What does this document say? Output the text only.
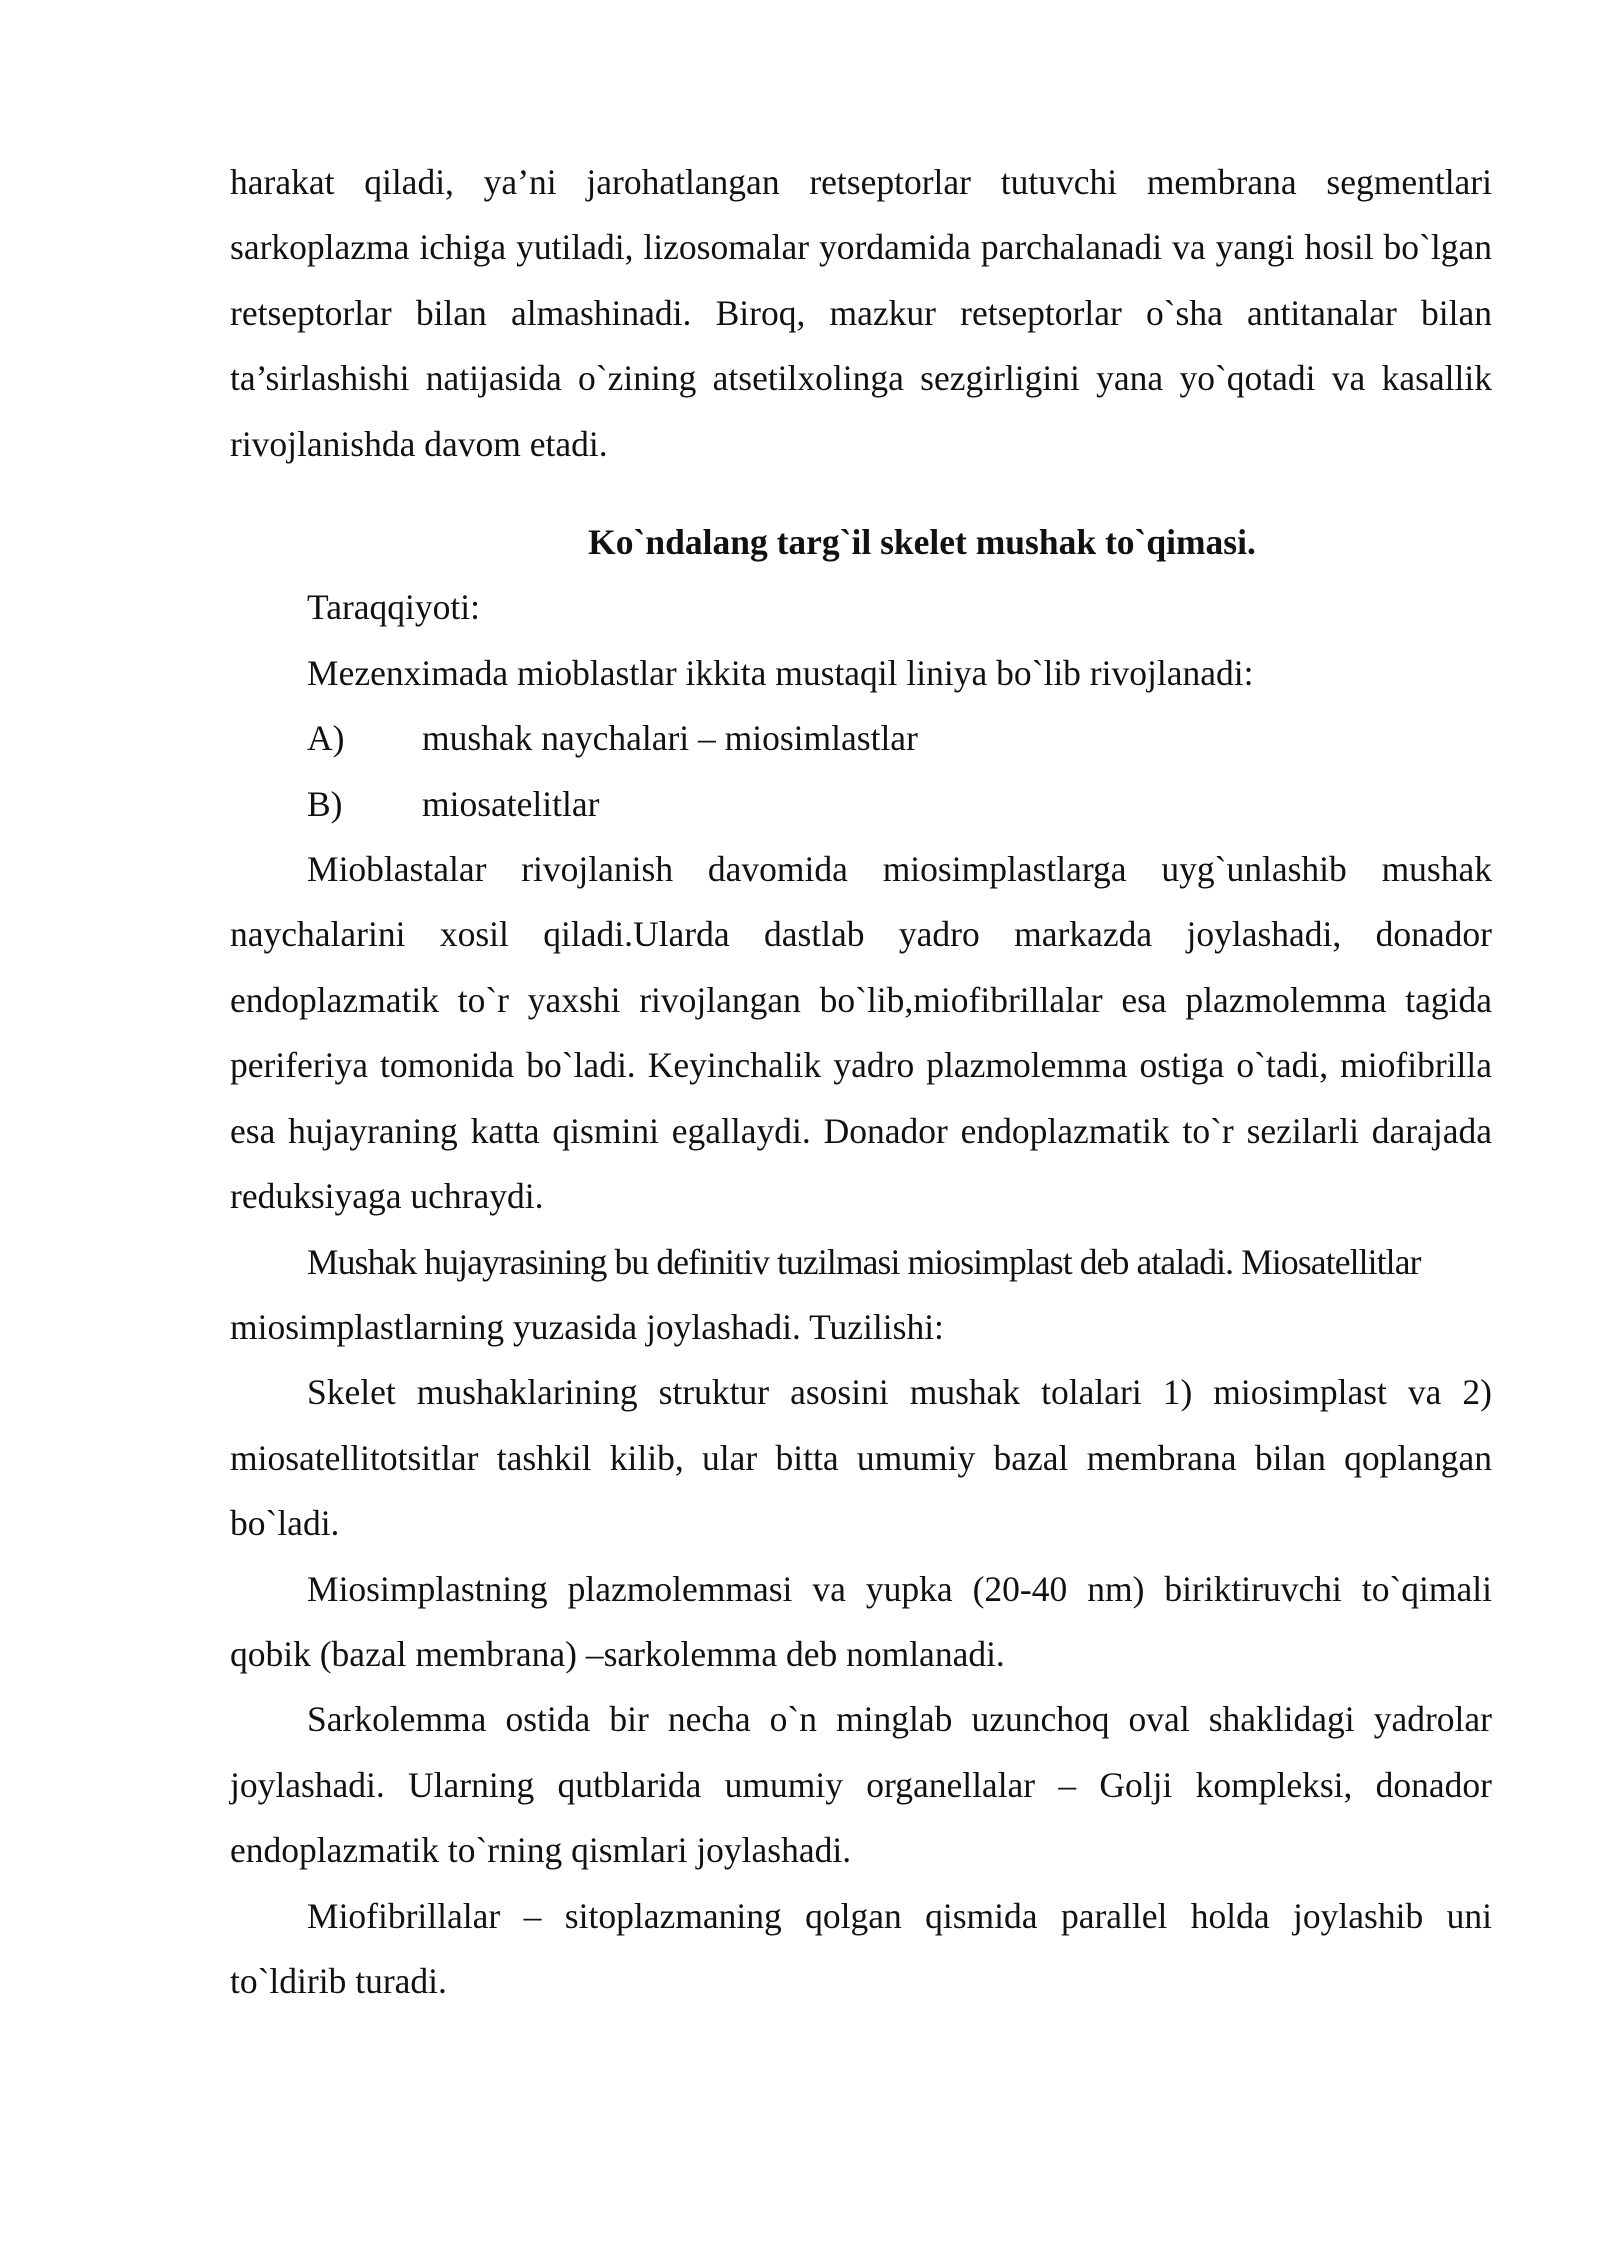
harakat qiladi, ya’ni jarohatlangan retseptorlar tutuvchi membrana segmentlari sarkoplazma ichiga yutiladi, lizosomalar yordamida parchalanadi va yangi hosil bo`lgan retseptorlar bilan almashinadi. Biroq, mazkur retseptorlar o`sha antitanalar bilan ta’sirlashishi natijasida o`zining atsetilxolinga sezgirligini yana yo`qotadi va kasallik rivojlanishda davom etadi.

Ko`ndalang targ`il skelet mushak to`qimasi.

Taraqqiyoti:

Mezenximada mioblastlar ikkita mustaqil liniya bo`lib rivojlanadi:

A)	mushak naychalari – miosimlastlar
B)	miosatelitlar

Mioblastalar rivojlanish davomida miosimplastlarga uyg`unlashib mushak naychalarini xosil qiladi.Ularda dastlab yadro markazda joylashadi, donador endoplazmatik to`r yaxshi rivojlangan bo`lib,miofibrillalar esa plazmolemma tagida periferiya tomonida bo`ladi. Keyinchalik yadro plazmolemma ostiga o`tadi, miofibrilla esa hujayraning katta qismini egallaydi. Donador endoplazmatik to`r sezilarli darajada reduksiyaga uchraydi.

Mushak hujayrasining bu definitiv tuzilmasi miosimplast deb ataladi. Miosatellitlar

miosimplastlarning yuzasida joylashadi. Tuzilishi:

Skelet mushaklarining struktur asosini mushak tolalari 1) miosimplast va 2) miosatellitotsitlar tashkil kilib, ular bitta umumiy bazal membrana bilan qoplangan bo`ladi.

Miosimplastning plazmolemmasi va yupka (20-40 nm) biriktiruvchi to`qimali qobik (bazal membrana) –sarkolemma deb nomlanadi.

Sarkolemma ostida bir necha o`n minglab uzunchoq oval shaklidagi yadrolar joylashadi. Ularning qutblarida umumiy organellalar – Golji kompleksi, donador endoplazmatik to`rning qismlari joylashadi.

Miofibrillalar – sitoplazmaning qolgan qismida parallel holda joylashib uni to`ldirib turadi.
